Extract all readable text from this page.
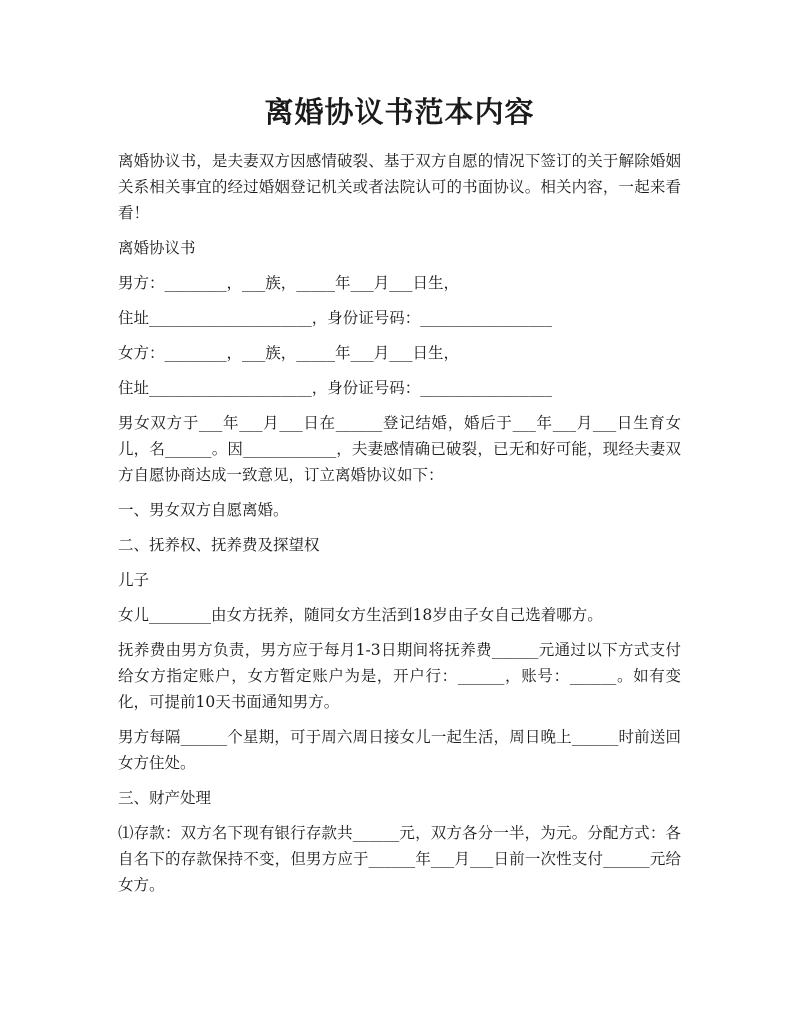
离婚协议书范本内容

离婚协议书，是夫妻双方因感情破裂、基于双方自愿的情况下签订的关于解除婚姻关系相关事宜的经过婚姻登记机关或者法院认可的书面协议。相关内容，一起来看看！

离婚协议书

男方：________，___族，_____年___月___日生，

住址_____________________，身份证号码：_________________

女方：________，___族，_____年___月___日生，

住址_____________________，身份证号码：_________________

男女双方于___年___月___日在______登记结婚，婚后于___年___月___日生育女儿，名______。因____________，夫妻感情确已破裂，已无和好可能，现经夫妻双方自愿协商达成一致意见，订立离婚协议如下：

一、男女双方自愿离婚。

二、抚养权、抚养费及探望权

儿子

女儿________由女方抚养，随同女方生活到18岁由子女自己选着哪方。

抚养费由男方负责，男方应于每月1-3日期间将抚养费______元通过以下方式支付给女方指定账户，女方暂定账户为是，开户行：______，账号：______。如有变化，可提前10天书面通知男方。

男方每隔______个星期，可于周六周日接女儿一起生活，周日晚上______时前送回女方住处。

三、财产处理

⑴存款：双方名下现有银行存款共______元，双方各分一半，为元。分配方式：各自名下的存款保持不变，但男方应于______年___月___日前一次性支付______元给女方。
